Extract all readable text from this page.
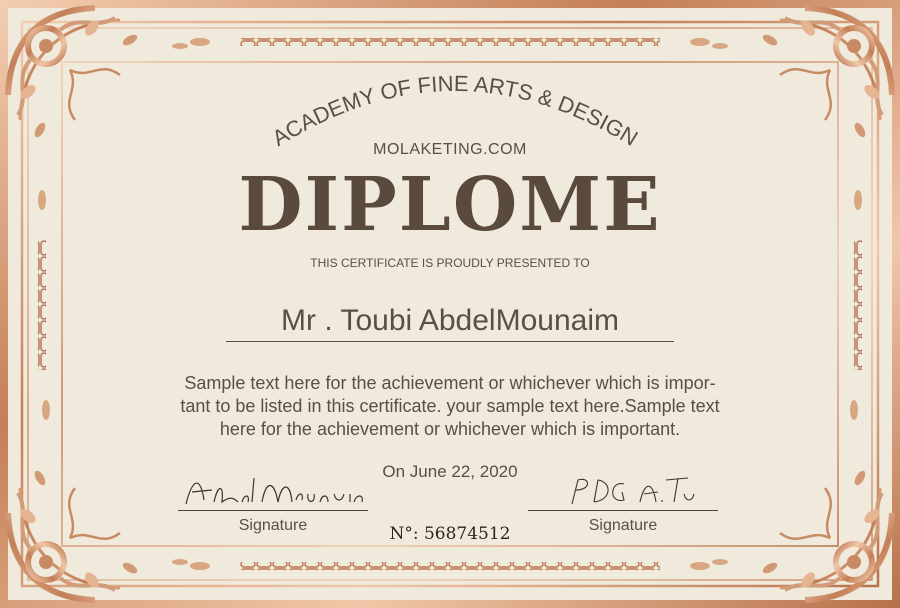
ACADEMY OF FINE ARTS & DESIGN
MOLAKETING.COM
DIPLOME
THIS CERTIFICATE IS PROUDLY PRESENTED TO
Mr . Toubi AbdelMounaim
Sample text here for the achievement or whichever which is impor-
tant to be listed in this certificate. your sample text here.Sample text
here for the achievement or whichever which is important.
On June 22, 2020
Signature	Signature
N°: 56874512
